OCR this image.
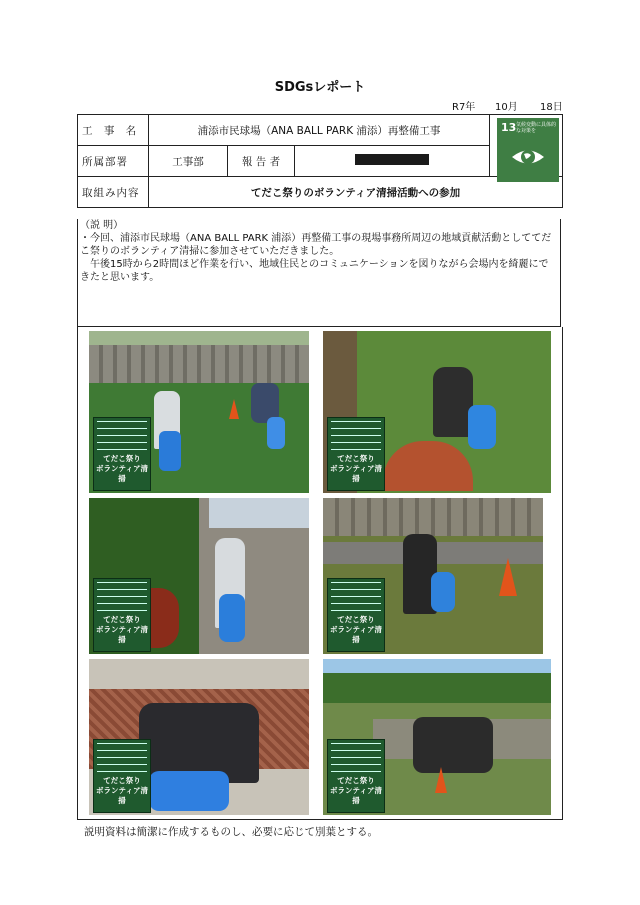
SDGsレポート
R7年 10月 18日
工 事 名	浦添市民球場（ANA BALL PARK 浦添）再整備工事			
所属部署	工事部	報 告 者		
取組み内容	てだこ祭りのボランティア清掃活動への参加			
13 気候変動に具体的な対策を

（説 明）

・今回、浦添市民球場（ANA BALL PARK 浦添）再整備工事の現場事務所周辺の地域貢献活動としててだこ祭りのボランティア清掃に参加させていただきました。

午後15時から2時間ほど作業を行い、地域住民とのコミュニケーションを図りながら会場内を綺麗にできたと思います。

てだこ祭り
ボランティア清掃
てだこ祭り
ボランティア清掃
てだこ祭り
ボランティア清掃
てだこ祭り
ボランティア清掃
てだこ祭り
ボランティア清掃
てだこ祭り
ボランティア清掃
説明資料は簡潔に作成するものし、必要に応じて別葉とする。
